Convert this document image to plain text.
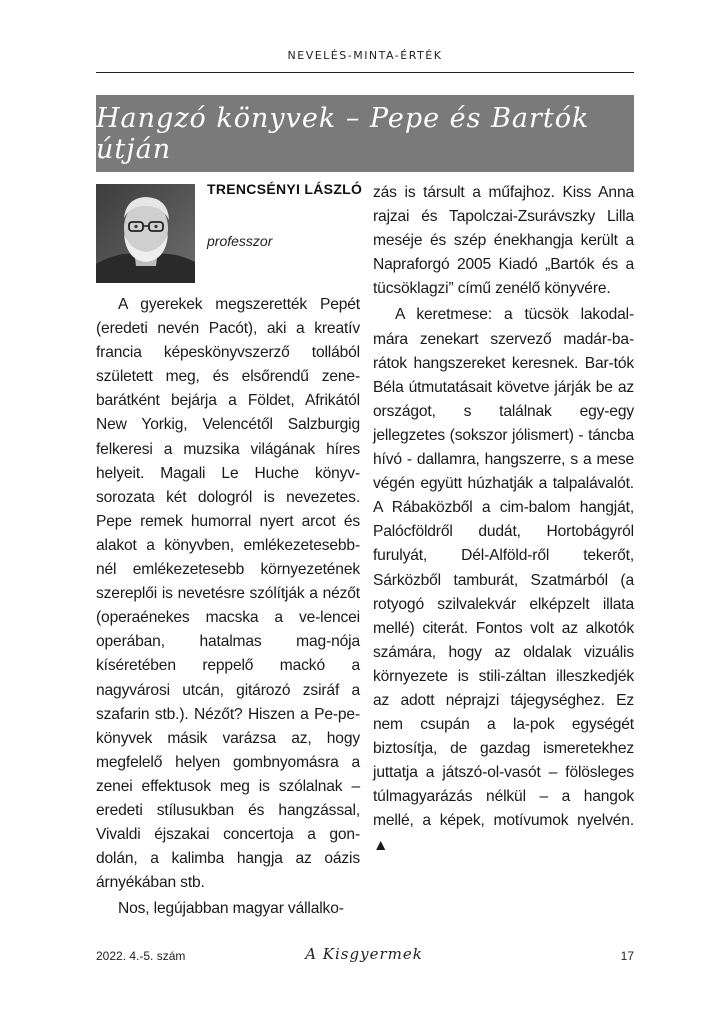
NEVELÉS-MINTA-ÉRTÉK
Hangzó könyvek – Pepe és Bartók útján
TRENCSÉNYI LÁSZLÓ
professzor

A gyerekek megszerették Pepét (eredeti nevén Pacót), aki a kreatív francia képeskönyvszerző tollából született meg, és elsőrendű zene-barátként bejárja a Földet, Afrikától New Yorkig, Velencétől Salzburgig felkeresi a muzsika világának híres helyeit. Magali Le Huche könyv-sorozata két dologról is nevezetes. Pepe remek humorral nyert arcot és alakot a könyvben, emlékezetesebb-nél emlékezetesebb környezetének szereplői is nevetésre szólítják a nézőt (operaénekes macska a ve-lencei operában, hatalmas mag-nója kíséretében reppelő mackó a nagyvárosi utcán, gitározó zsiráf a szafarin stb.). Nézőt? Hiszen a Pe-pe-könyvek másik varázsa az, hogy megfelelő helyen gombnyomásra a zenei effektusok meg is szólalnak – eredeti stílusukban és hangzással, Vivaldi éjszakai concertoja a gon-dolán, a kalimba hangja az oázis árnyékában stb.

Nos, legújabban magyar vállalko-

zás is társult a műfajhoz. Kiss Anna rajzai és Tapolczai-Zsurávszky Lilla meséje és szép énekhangja került a Napraforgó 2005 Kiadó „Bartók és a tücsöklagzi” című zenélő könyvére.

A keretmese: a tücsök lakodal-mára zenekart szervező madár-ba-rátok hangszereket keresnek. Bar-tók Béla útmutatásait követve járják be az országot, s találnak egy-egy jellegzetes (sokszor jólismert) - táncba hívó - dallamra, hangszerre, s a mese végén együtt húzhatják a talpalávalót. A Rábaközből a cim-balom hangját, Palócföldről dudát, Hortobágyról furulyát, Dél-Alföld-ről tekerőt, Sárközből tamburát, Szatmárból (a rotyogó szilvalekvár elképzelt illata mellé) citerát. Fontos volt az alkotók számára, hogy az oldalak vizuális környezete is stili-záltan illeszkedjék az adott néprajzi tájegységhez. Ez nem csupán a la-pok egységét biztosítja, de gazdag ismeretekhez juttatja a játszó-ol-vasót – fölösleges túlmagyarázás nélkül – a hangok mellé, a képek, motívumok nyelvén. ▲

2022. 4.-5. szám	A Kisgyermek	17
